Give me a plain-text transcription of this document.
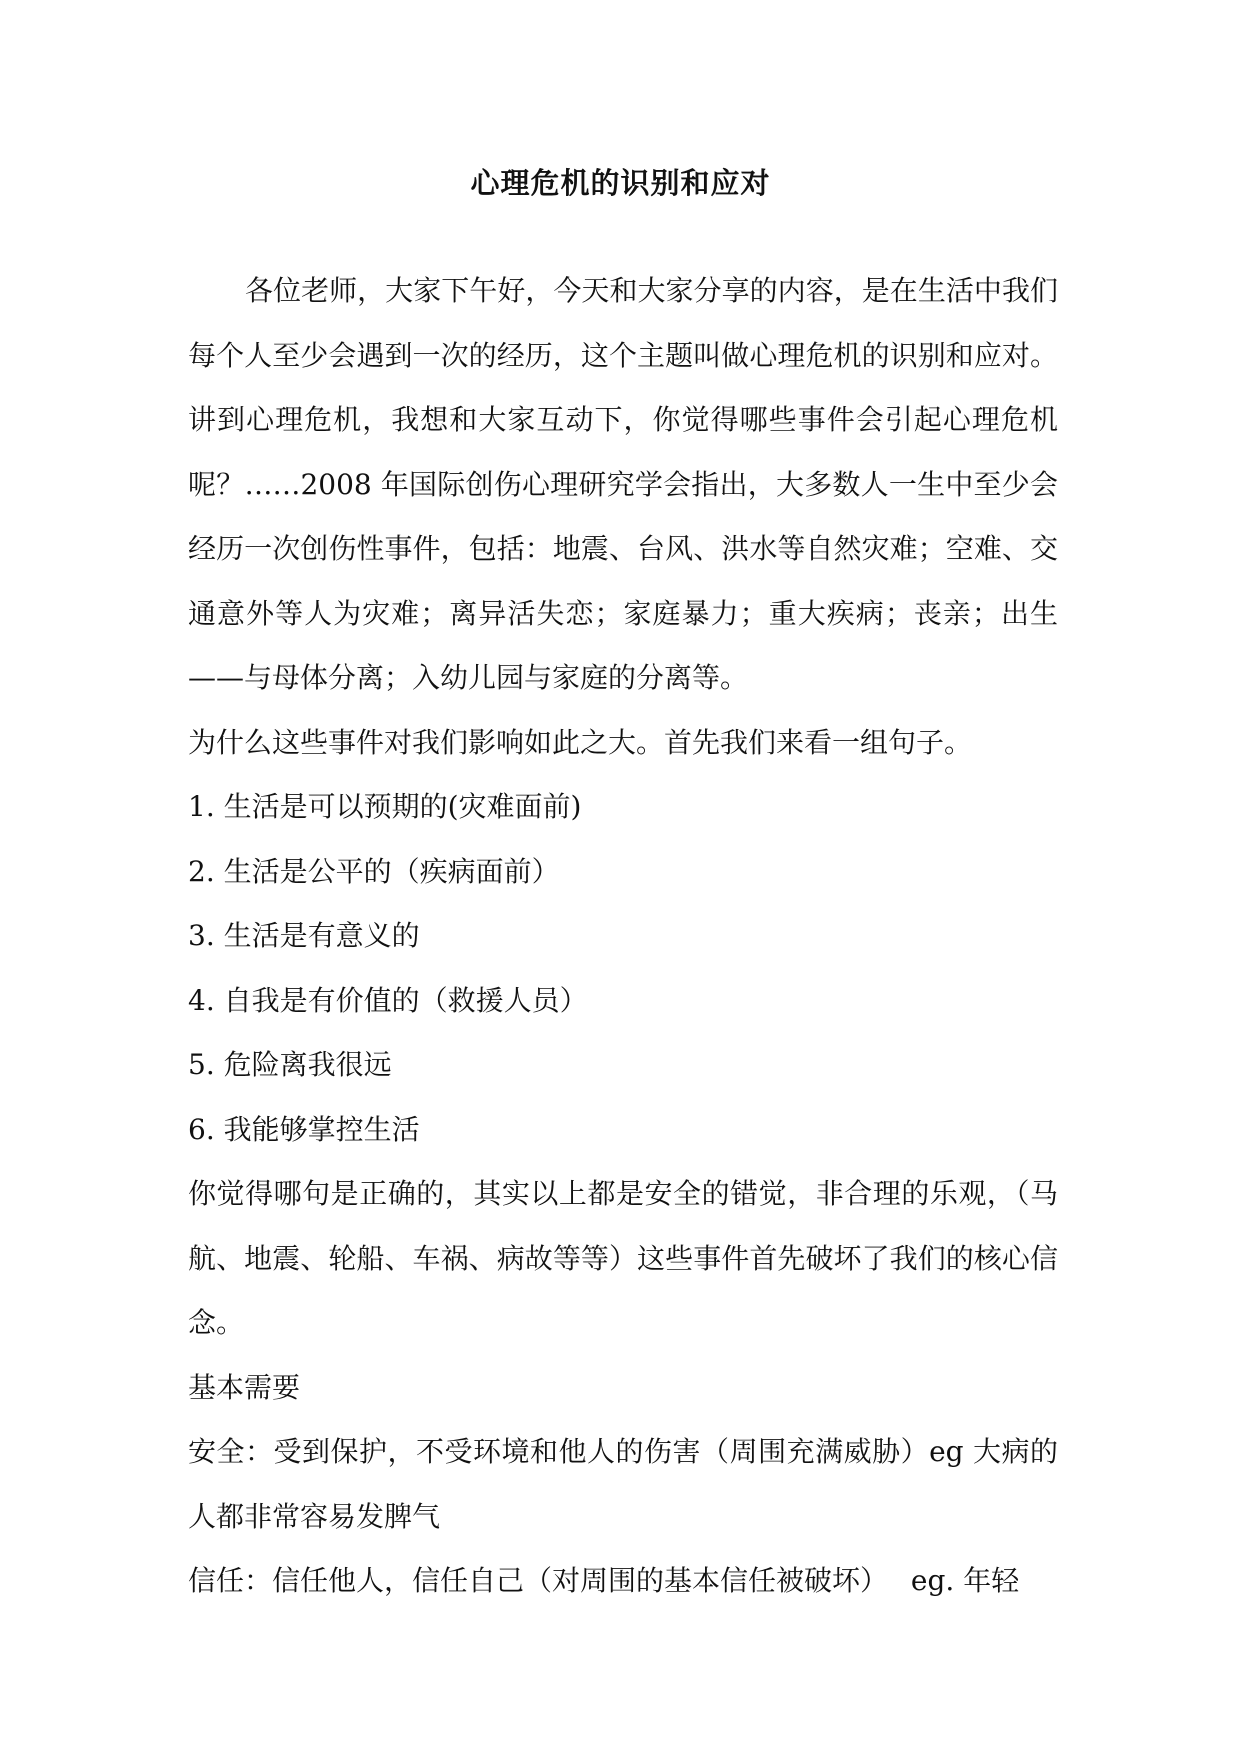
心理危机的识别和应对

各位老师，大家下午好，今天和大家分享的内容，是在生活中我们每个人至少会遇到一次的经历，这个主题叫做心理危机的识别和应对。讲到心理危机，我想和大家互动下，你觉得哪些事件会引起心理危机呢？……2008 年国际创伤心理研究学会指出，大多数人一生中至少会经历一次创伤性事件，包括：地震、台风、洪水等自然灾难；空难、交通意外等人为灾难；离异活失恋；家庭暴力；重大疾病；丧亲；出生——与母体分离；入幼儿园与家庭的分离等。

为什么这些事件对我们影响如此之大。首先我们来看一组句子。

1. 生活是可以预期的(灾难面前)

2. 生活是公平的（疾病面前）

3. 生活是有意义的

4. 自我是有价值的（救援人员）

5. 危险离我很远

6. 我能够掌控生活

你觉得哪句是正确的，其实以上都是安全的错觉，非合理的乐观，（马航、地震、轮船、车祸、病故等等）这些事件首先破坏了我们的核心信念。

基本需要

安全：受到保护，不受环境和他人的伤害（周围充满威胁）eg 大病的人都非常容易发脾气

信任：信任他人，信任自己（对周围的基本信任被破坏）　 eg. 年轻
